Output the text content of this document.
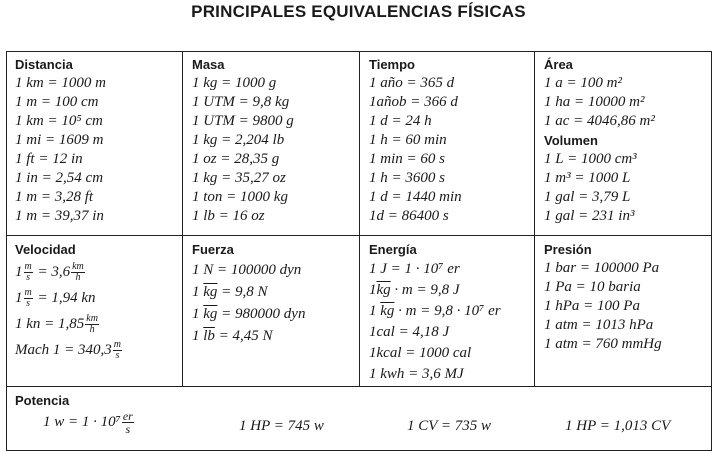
PRINCIPALES EQUIVALENCIAS FÍSICAS
Distancia
1 km = 1000 m
1 m = 100 cm
1 km = 10⁵ cm
1 mi = 1609 m
1 ft = 12 in
1 in = 2,54 cm
1 m = 3,28 ft
1 m = 39,37 in
Masa
1 kg = 1000 g
1 UTM = 9,8 kg
1 UTM = 9800 g
1 kg = 2,204 lb
1 oz = 28,35 g
1 kg = 35,27 oz
1 ton = 1000 kg
1 lb = 16 oz
Tiempo
1 año = 365 d
1añob = 366 d
1 d = 24 h
1 h = 60 min
1 min = 60 s
1 h = 3600 s
1 d = 1440 min
1d = 86400 s
Área
1 a = 100 m²
1 ha = 10000 m²
1 ac = 4046,86 m²
Volumen
1 L = 1000 cm³
1 m³ = 1000 L
1 gal = 3,79 L
1 gal = 231 in³
Velocidad
$1 \frac{m}{s} = 3,6 \frac{km}{h}$
$1 \frac{m}{s} = 1,94$ kn
1 kn = $1,85 \frac{km}{h}$
Mach $1 = 340,3 \frac{m}{s}$
Fuerza
1 N = 100000 dyn
1 $\overline{kg} = 9,8$ N
1 $\overline{kg} = 980000$ dyn
1 $\overline{lb} = 4,45$ N
Energía
1 J = 1 · 10⁷ er
$1\overline{kg} \cdot m = 9,8$ J
1 $\overline{kg} \cdot m = 9,8 \cdot 10^7$ er
1cal = 4,18 J
1kcal = 1000 cal
1 kwh = 3,6 MJ
Presión
1 bar = 100000 Pa
1 Pa = 10 baria
1 hPa = 100 Pa
1 atm = 1013 hPa
1 atm = 760 mmHg
Potencia
1 $w = 1 \cdot 10^7 \frac{er}{s}$	1 HP = 745 w	1 CV = 735 w	1 HP = 1,013 CV
